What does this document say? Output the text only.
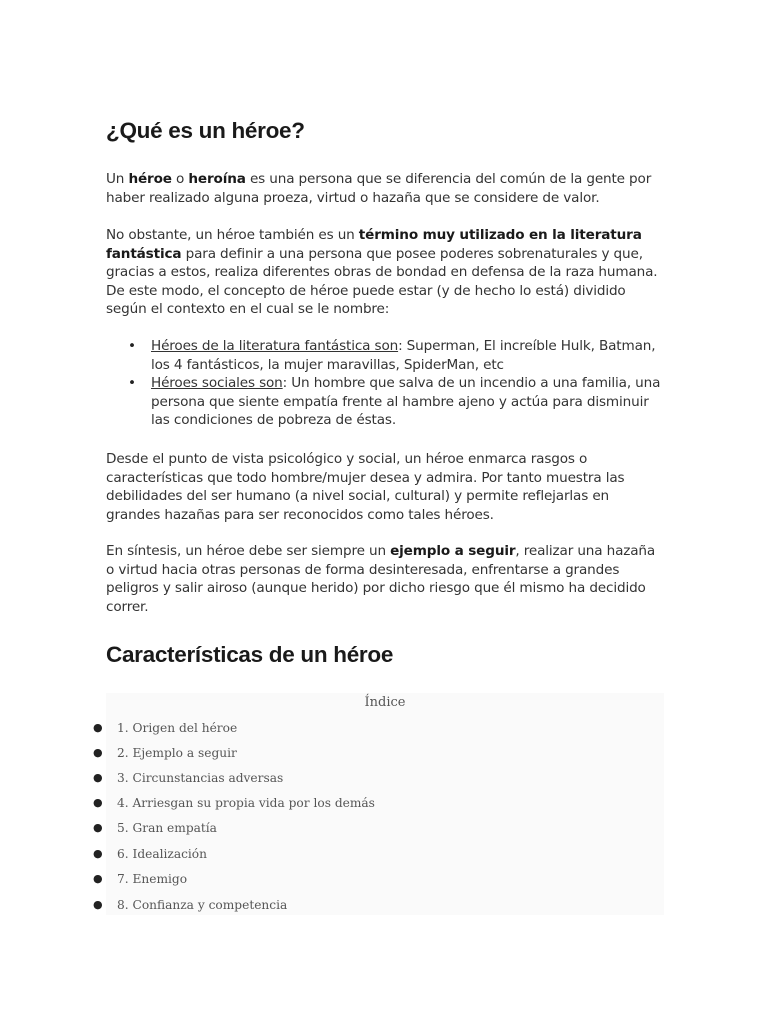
¿Qué es un héroe?

Un héroe o heroína es una persona que se diferencia del común de la gente por haber realizado alguna proeza, virtud o hazaña que se considere de valor.

No obstante, un héroe también es un término muy utilizado en la literatura fantástica para definir a una persona que posee poderes sobrenaturales y que, gracias a estos, realiza diferentes obras de bondad en defensa de la raza humana. De este modo, el concepto de héroe puede estar (y de hecho lo está) dividido según el contexto en el cual se le nombre:

• Héroes de la literatura fantástica son: Superman, El increíble Hulk, Batman, los 4 fantásticos, la mujer maravillas, SpiderMan, etc
• Héroes sociales son: Un hombre que salva de un incendio a una familia, una persona que siente empatía frente al hambre ajeno y actúa para disminuir las condiciones de pobreza de éstas.

Desde el punto de vista psicológico y social, un héroe enmarca rasgos o características que todo hombre/mujer desea y admira. Por tanto muestra las debilidades del ser humano (a nivel social, cultural) y permite reflejarlas en grandes hazañas para ser reconocidos como tales héroes.

En síntesis, un héroe debe ser siempre un ejemplo a seguir, realizar una hazaña o virtud hacia otras personas de forma desinteresada, enfrentarse a grandes peligros y salir airoso (aunque herido) por dicho riesgo que él mismo ha decidido correr.

Características de un héroe
Índice
● 1. Origen del héroe
● 2. Ejemplo a seguir
● 3. Circunstancias adversas
● 4. Arriesgan su propia vida por los demás
● 5. Gran empatía
● 6. Idealización
● 7. Enemigo
● 8. Confianza y competencia
